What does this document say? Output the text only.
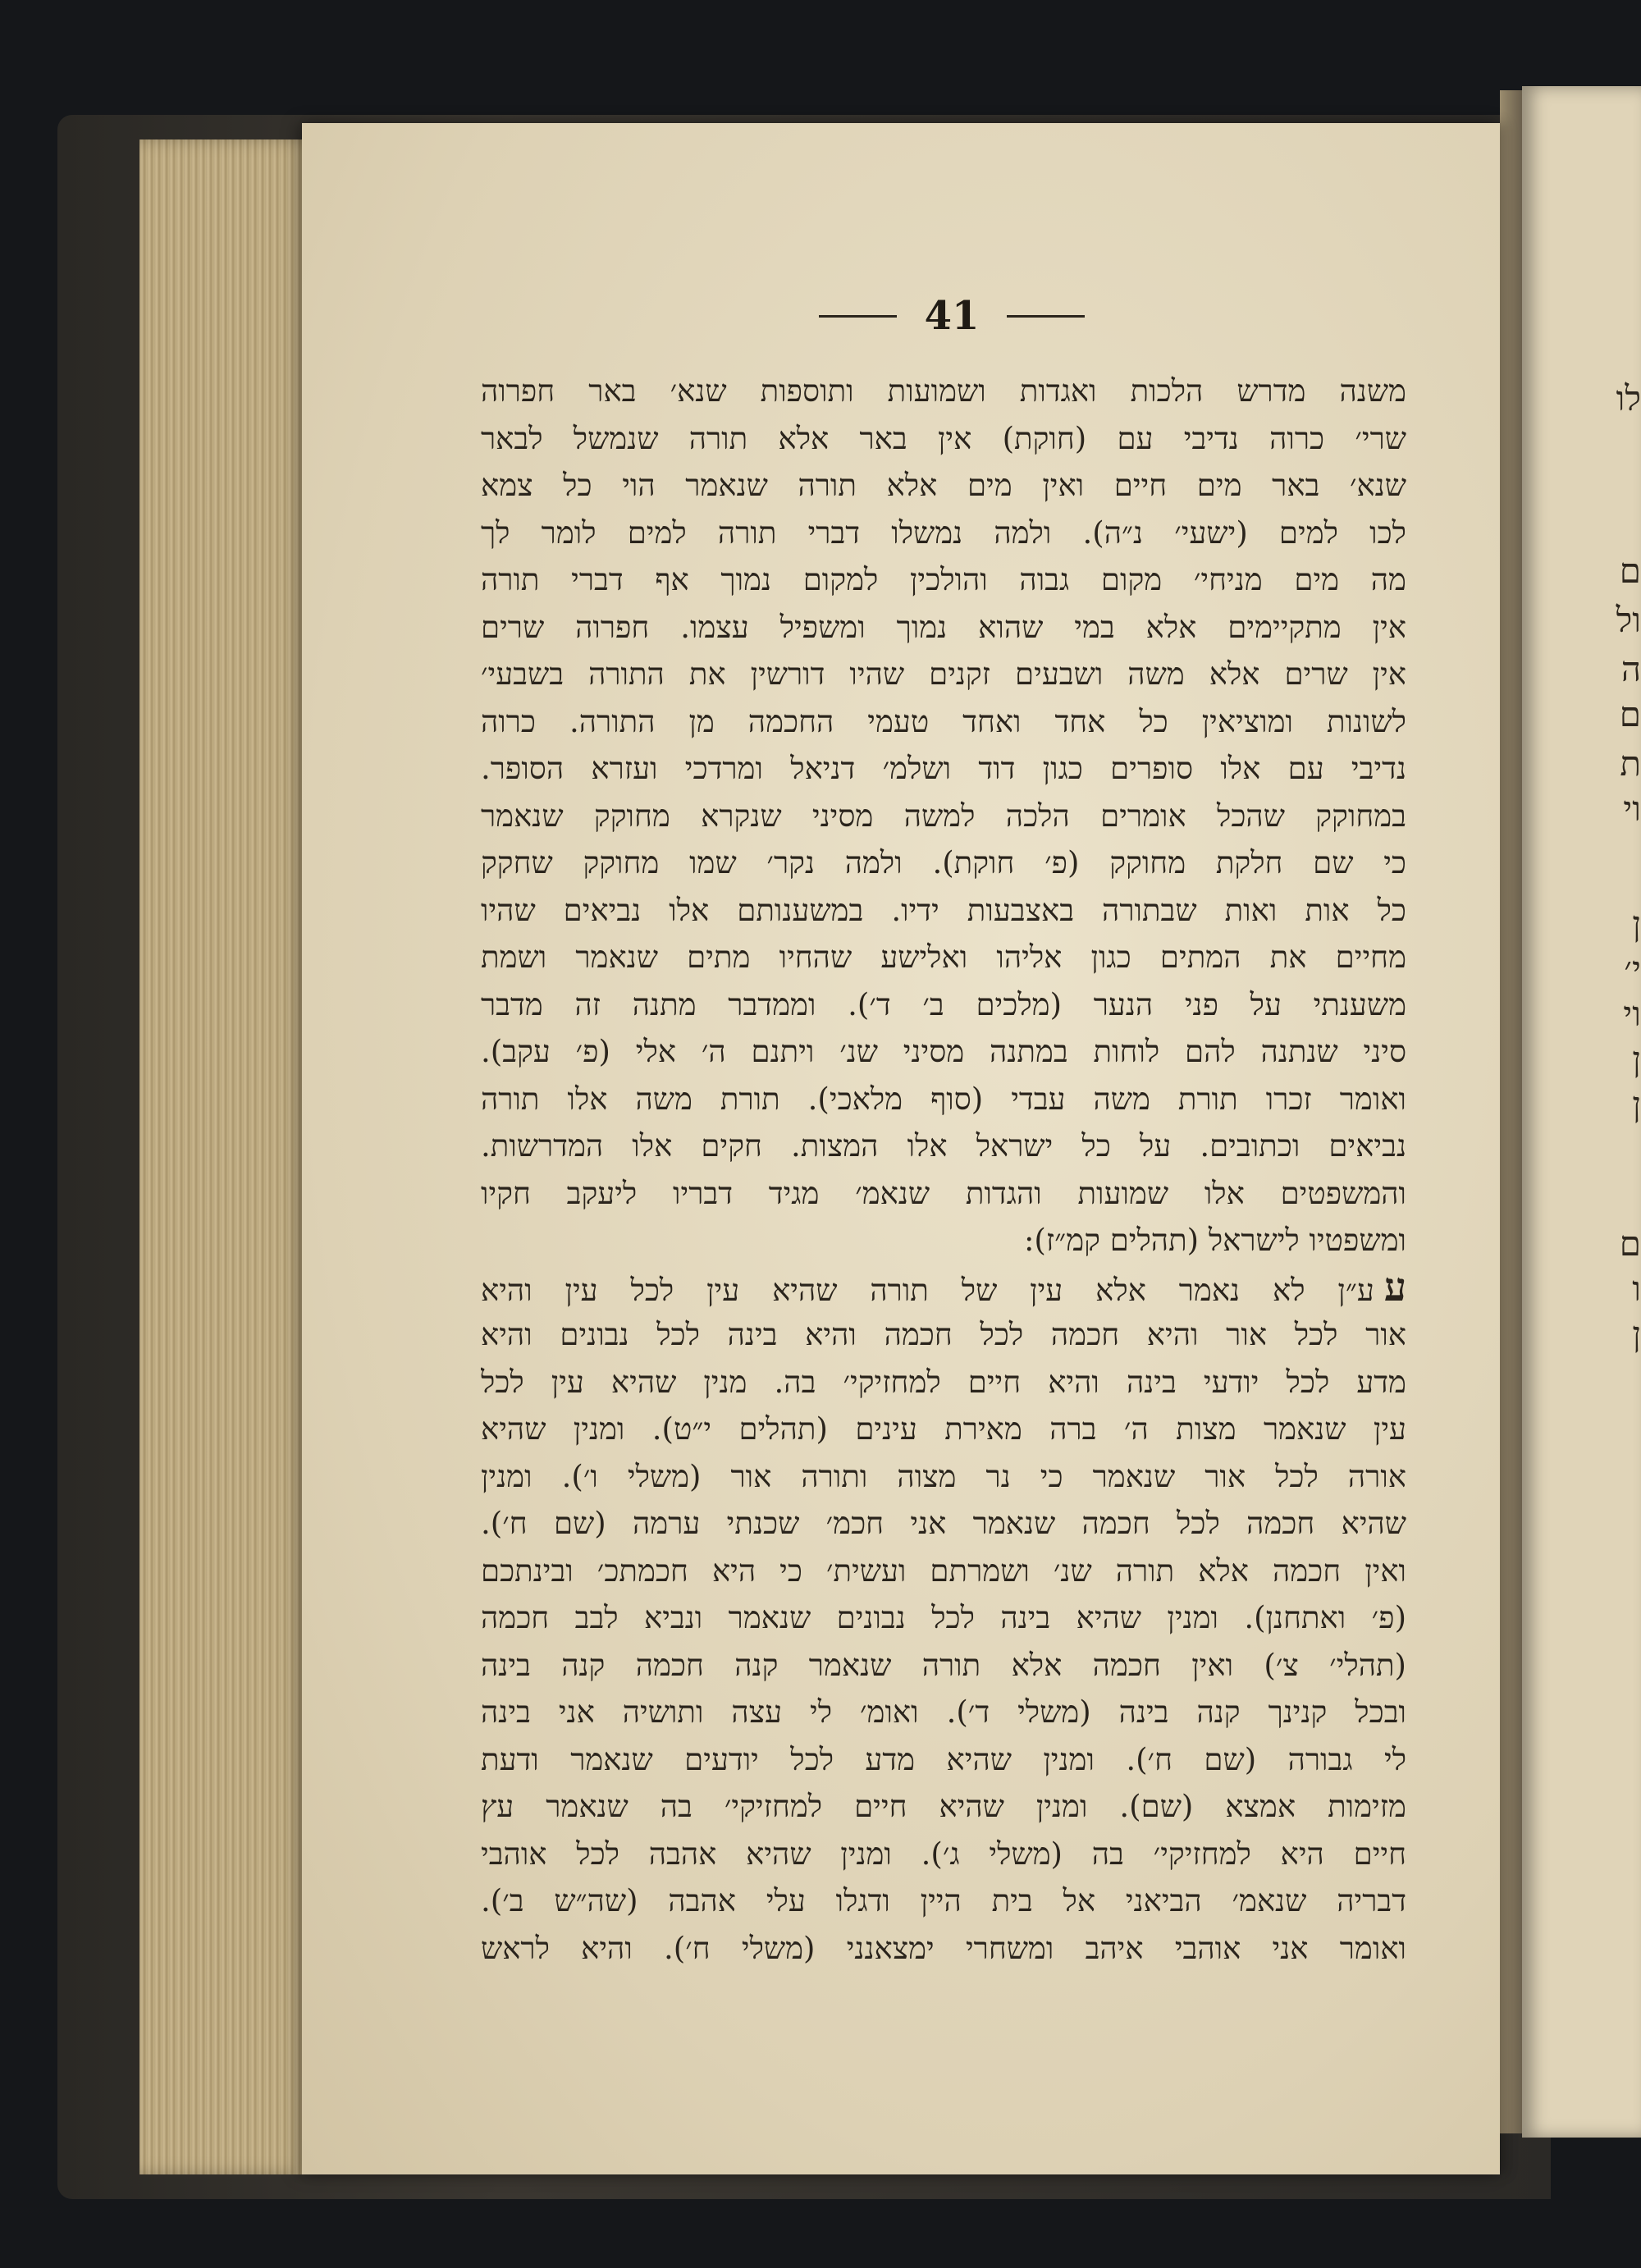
לו
ם
ול
ה
ם
ת
וי
ן
י׳
וי
ן
ן
ם
ו
ן
41
משנה מדרש הלכות ואגדות ושמועות ותוספות שנא׳ באר חפרוה
שרי׳ כרוה נדיבי עם (חוקת) אין באר אלא תורה שנמשל לבאר
שנא׳ באר מים חיים ואין מים אלא תורה שנאמר הוי כל צמא
לכו למים (ישעי׳ נ״ה). ולמה נמשלו דברי תורה למים לומר לך
מה מים מניחי׳ מקום גבוה והולכין למקום נמוך אף דברי תורה
אין מתקיימים אלא במי שהוא נמוך ומשפיל עצמו. חפרוה שרים
אין שרים אלא משה ושבעים זקנים שהיו דורשין את התורה בשבעי׳
לשונות ומוציאין כל אחד ואחד טעמי החכמה מן התורה. כרוה
נדיבי עם אלו סופרים כגון דוד ושלמ׳ דניאל ומרדכי ועזרא הסופר.
במחוקק שהכל אומרים הלכה למשה מסיני שנקרא מחוקק שנאמר
כי שם חלקת מחוקק (פ׳ חוקת). ולמה נקר׳ שמו מחוקק שחקק
כל אות ואות שבתורה באצבעות ידיו. במשענותם אלו נביאים שהיו
מחיים את המתים כגון אליהו ואלישע שהחיו מתים שנאמר ושמת
משענתי על פני הנער (מלכים ב׳ ד׳). וממדבר מתנה זה מדבר
סיני שנתנה להם לוחות במתנה מסיני שנ׳ ויתנם ה׳ אלי (פ׳ עקב).
ואומר זכרו תורת משה עבדי (סוף מלאכי). תורת משה אלו תורה
נביאים וכתובים. על כל ישראל אלו המצות. חקים אלו המדרשות.
והמשפטים אלו שמועות והגדות שנאמ׳ מגיד דבריו ליעקב חקיו
ומשפטיו לישראל (תהלים קמ״ז):
עע״ן לא נאמר אלא עין של תורה שהיא עין לכל עין והיא
אור לכל אור והיא חכמה לכל חכמה והיא בינה לכל נבונים והיא
מדע לכל יודעי בינה והיא חיים למחזיקי׳ בה. מנין שהיא עין לכל
עין שנאמר מצות ה׳ ברה מאירת עינים (תהלים י״ט). ומנין שהיא
אורה לכל אור שנאמר כי נר מצוה ותורה אור (משלי ו׳). ומנין
שהיא חכמה לכל חכמה שנאמר אני חכמ׳ שכנתי ערמה (שם ח׳).
ואין חכמה אלא תורה שנ׳ ושמרתם ועשית׳ כי היא חכמתכ׳ ובינתכם
(פ׳ ואתחנן). ומנין שהיא בינה לכל נבונים שנאמר ונביא לבב חכמה
(תהלי׳ צ׳) ואין חכמה אלא תורה שנאמר קנה חכמה קנה בינה
ובכל קנינך קנה בינה (משלי ד׳). ואומ׳ לי עצה ותושיה אני בינה
לי גבורה (שם ח׳). ומנין שהיא מדע לכל יודעים שנאמר ודעת
מזימות אמצא (שם). ומנין שהיא חיים למחזיקי׳ בה שנאמר עץ
חיים היא למחזיקי׳ בה (משלי ג׳). ומנין שהיא אהבה לכל אוהבי
דבריה שנאמ׳ הביאני אל בית היין ודגלו עלי אהבה (שה״ש ב׳).
ואומר אני אוהבי איהב ומשחרי ימצאנני (משלי ח׳). והיא לראש
